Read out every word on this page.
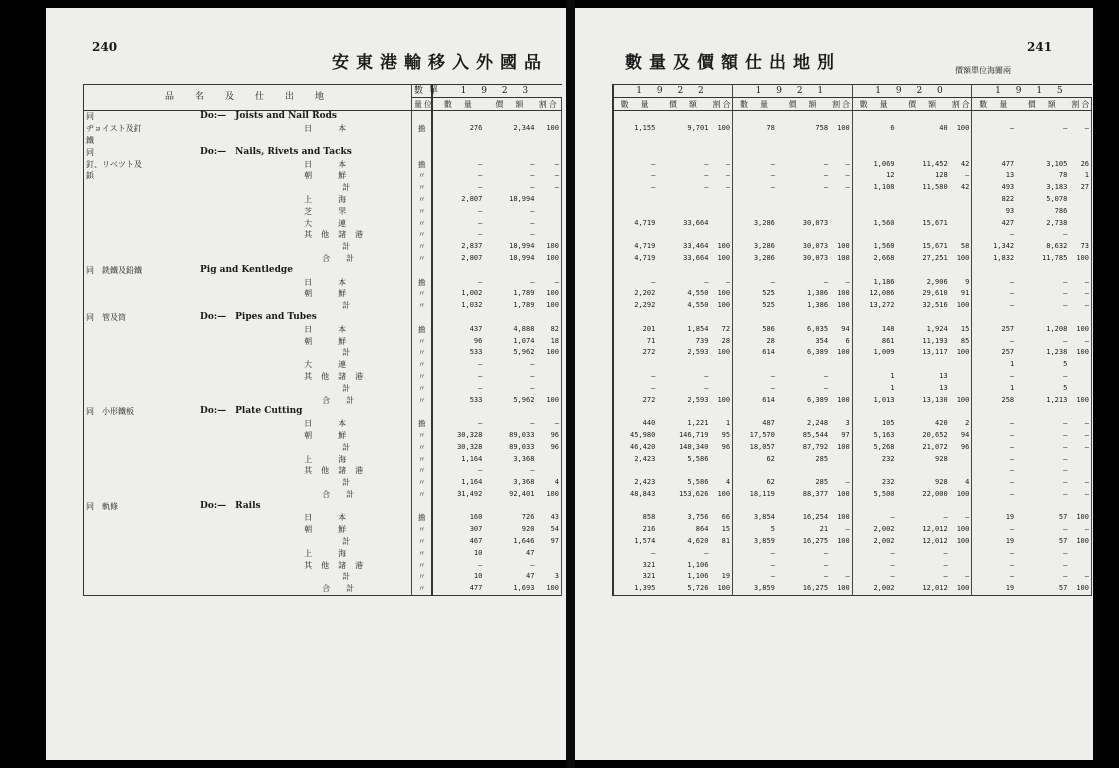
240
安東港輸移入外國品
品　名　及　仕　出　地			數單	1 9 2 3		
			量位	數　量	價　額	割合
同	Do:—　Joists and Nail Rods					
ヂョイスト及釘		日　本	擔	276	2,344	100
鐵						
同	Do:—　Nails, Rivets and Tacks					
釘、リベツト及		日　本	擔	—	—	—
鋲		朝　鮮	〃	—	—	—
		計	〃	—	—	—
		上　海	〃	2,807	18,994	
		芝　罘	〃	—	—	
		大　連	〃	—	—	
		其他諸港	〃	—	—	
		計	〃	2,837	18,994	100
		合　計	〃	2,807	18,994	100
同　銑鐵及鉛鐵	Pig and Kentledge					
		日　本	擔	—	—	—
		朝　鮮	〃	1,002	1,789	100
		計	〃	1,032	1,789	100
同　管及筒	Do:—　Pipes and Tubes					
		日　本	擔	437	4,888	82
		朝　鮮	〃	96	1,074	18
		計	〃	533	5,962	100
		大　連	〃	—	—	
		其他諸港	〃	—	—	
		計	〃	—	—	
		合　計	〃	533	5,962	100
同　小形鐵板	Do:—　Plate Cutting					
		日　本	擔	—	—	—
		朝　鮮	〃	30,328	89,033	96
		計	〃	30,328	89,033	96
		上　海	〃	1,164	3,368	
		其他諸港	〃	—	—	
		計	〃	1,164	3,368	4
		合　計	〃	31,492	92,401	100
同　軌條	Do:—　Rails					
		日　本	擔	160	726	43
		朝　鮮	〃	307	920	54
		計	〃	467	1,646	97
		上　海	〃	10	47	
		其他諸港	〃	—	—	
		計	〃	10	47	3
		合　計	〃	477	1,693	100
數量及價額仕出地別
241
價額單位海關兩
1 9 2 2			1 9 2 1			1 9 2 0			1 9 1 5		
數　量	價　額	割合	數　量	價　額	割合	數　量	價　額	割合	數　量	價　額	割合

1,155	9,701	100	78	758	100	6	40	100	—	—	—

—	—	—	—	—	—	1,069	11,452	42	477	3,105	26
—	—	—	—	—	—	12	128	—	13	78	1
—	—	—	—	—	—	1,108	11,580	42	493	3,183	27
									822	5,078	
									93	786	
4,719	33,664		3,286	30,073		1,560	15,671		427	2,738	
									—	—	
4,719	33,464	100	3,286	30,073	100	1,560	15,671	58	1,342	8,632	73
4,719	33,664	100	3,286	30,073	100	2,668	27,251	100	1,832	11,785	100

—	—	—	—	—	—	1,186	2,906	9	—	—	—
2,202	4,550	100	525	1,386	100	12,086	29,610	91	—	—	—
2,292	4,550	100	525	1,386	100	13,272	32,516	100	—	—	—

201	1,854	72	586	6,035	94	148	1,924	15	257	1,208	100
71	739	28	28	354	6	861	11,193	85	—	—	—
272	2,593	100	614	6,389	100	1,009	13,117	100	257	1,238	100
									1	5	
—	—		—	—		1	13		—	—	
—	—		—	—		1	13		1	5	
272	2,593	100	614	6,389	100	1,013	13,130	100	258	1,213	100

440	1,221	1	487	2,248	3	105	420	2	—	—	—
45,980	146,719	95	17,570	85,544	97	5,163	20,652	94	—	—	—
46,420	148,340	96	18,057	87,792	100	5,268	21,072	96	—	—	—
2,423	5,586		62	285		232	928		—	—	
									—	—	
2,423	5,586	4	62	285	—	232	928	4	—	—	—
48,843	153,626	100	18,119	88,377	100	5,500	22,000	100	—	—	—

858	3,756	66	3,854	16,254	100	—	—	—	19	57	100
216	864	15	5	21	—	2,002	12,012	100	—	—	—
1,574	4,620	81	3,859	16,275	100	2,002	12,012	100	19	57	100
—	—		—	—		—	—		—	—	
321	1,106		—	—		—	—		—	—	
321	1,106	19	—	—	—	—	—	—	—	—	—
1,395	5,726	100	3,859	16,275	100	2,002	12,012	100	19	57	100
